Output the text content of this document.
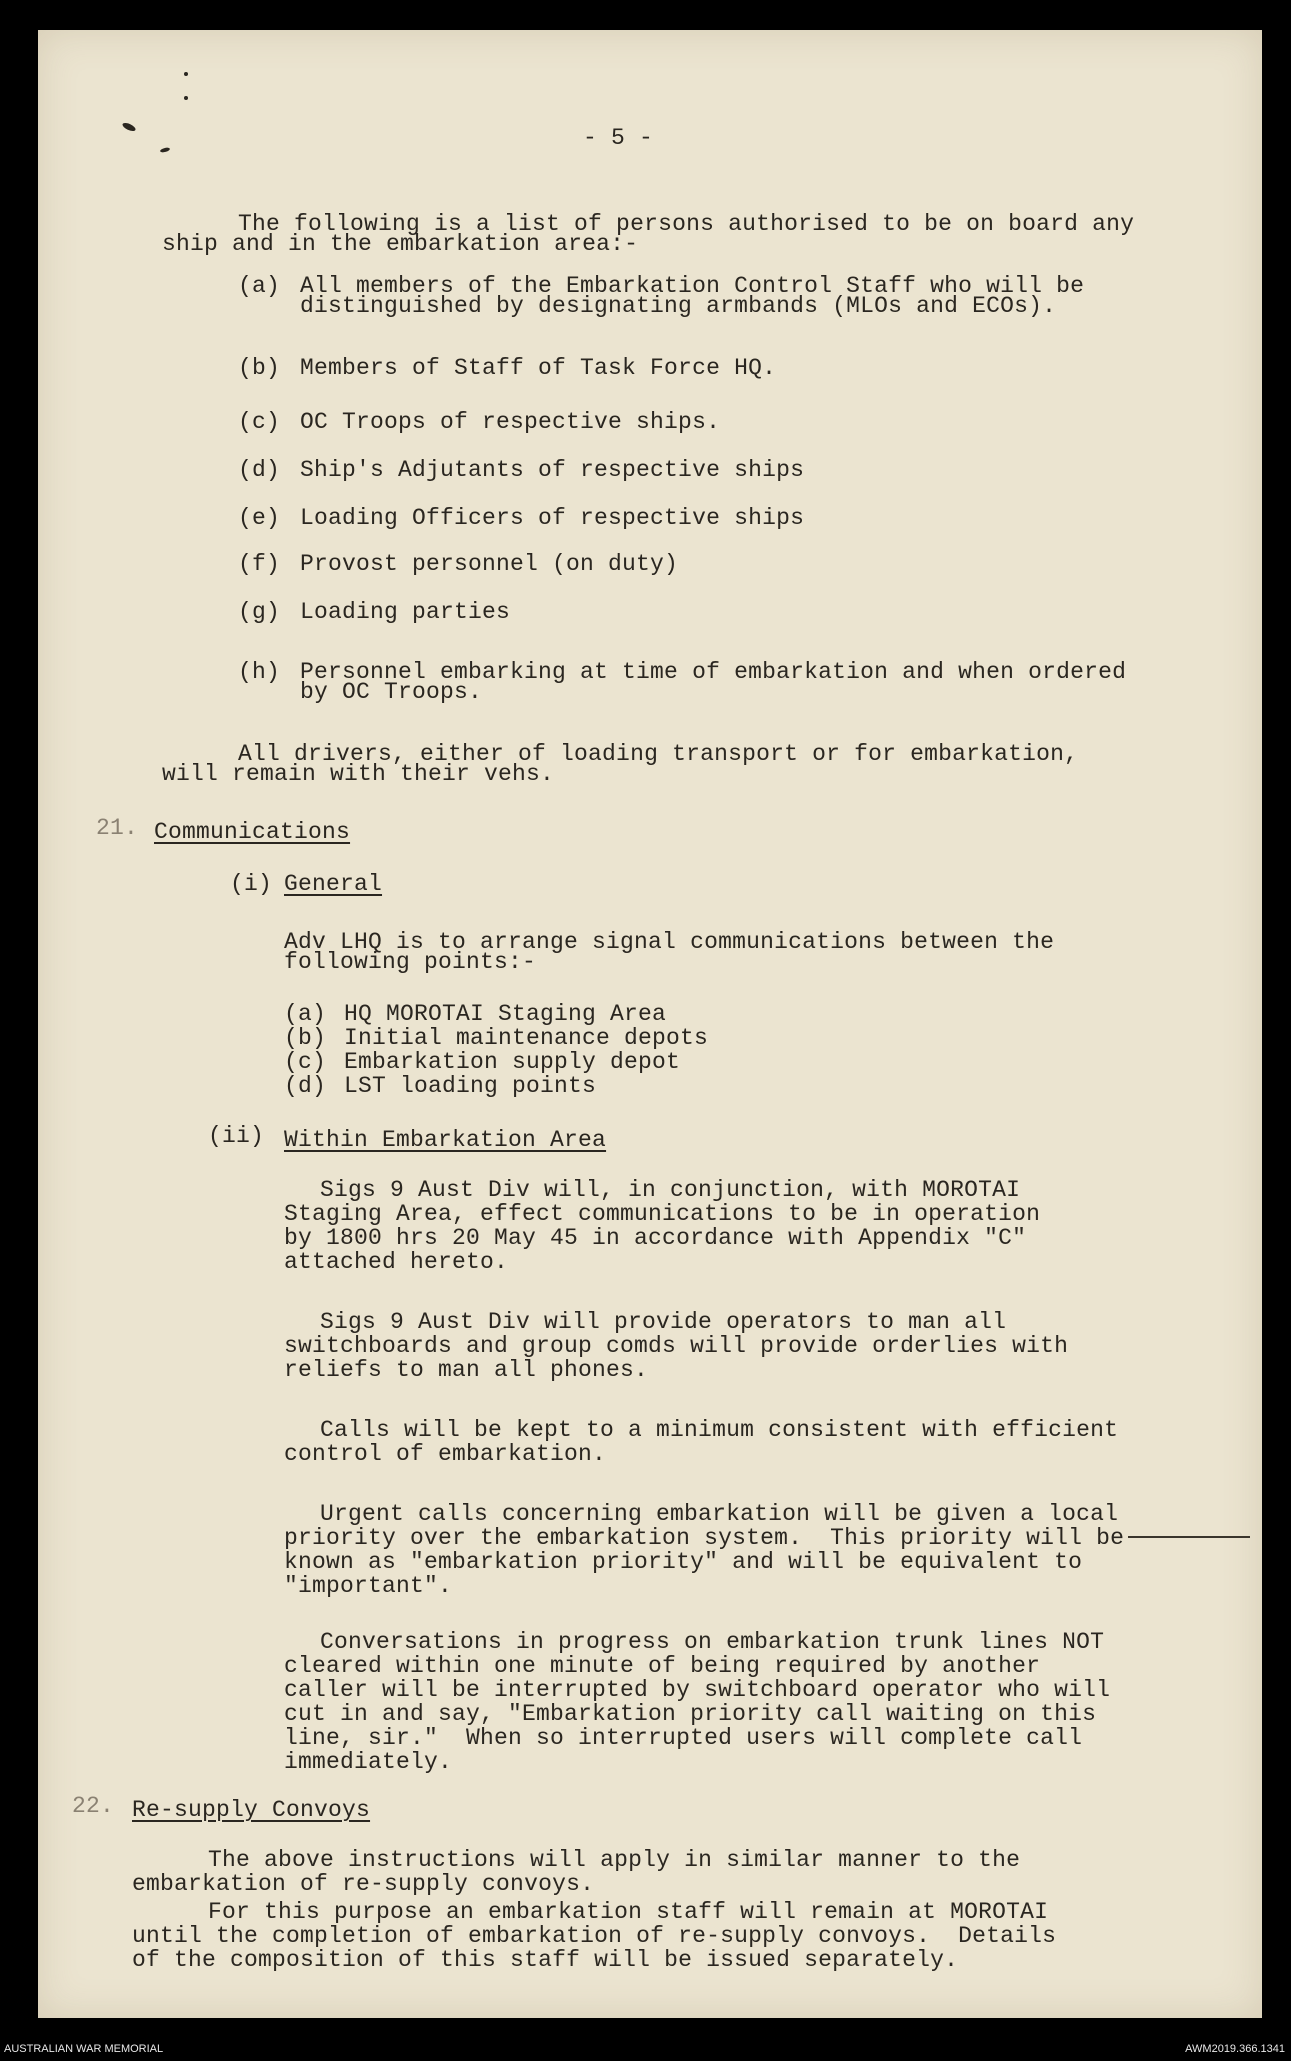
- 5 -
The following is a list of persons authorised to be on board any
ship and in the embarkation area:-
(a) All members of the Embarkation Control Staff who will be
distinguished by designating armbands (MLOs and ECOs).
(b) Members of Staff of Task Force HQ.
(c) OC Troops of respective ships.
(d) Ship's Adjutants of respective ships
(e) Loading Officers of respective ships
(f) Provost personnel (on duty)
(g) Loading parties
(h) Personnel embarking at time of embarkation and when ordered
by OC Troops.
All drivers, either of loading transport or for embarkation,
will remain with their vehs.
21. Communications
(i) General
Adv LHQ is to arrange signal communications between the
following points:-
(a) HQ MOROTAI Staging Area
(b) Initial maintenance depots
(c) Embarkation supply depot
(d) LST loading points
(ii) Within Embarkation Area
Sigs 9 Aust Div will, in conjunction, with MOROTAI
Staging Area, effect communications to be in operation
by 1800 hrs 20 May 45 in accordance with Appendix "C"
attached hereto.
Sigs 9 Aust Div will provide operators to man all
switchboards and group comds will provide orderlies with
reliefs to man all phones.
Calls will be kept to a minimum consistent with efficient
control of embarkation.
Urgent calls concerning embarkation will be given a local
priority over the embarkation system.  This priority will be
known as "embarkation priority" and will be equivalent to
"important".
Conversations in progress on embarkation trunk lines NOT
cleared within one minute of being required by another
caller will be interrupted by switchboard operator who will
cut in and say, "Embarkation priority call waiting on this
line, sir."  When so interrupted users will complete call
immediately.
22. Re-supply Convoys
The above instructions will apply in similar manner to the
embarkation of re-supply convoys.
For this purpose an embarkation staff will remain at MOROTAI
until the completion of embarkation of re-supply convoys.  Details
of the composition of this staff will be issued separately.
AUSTRALIAN WAR MEMORIAL	AWM2019.366.1341
